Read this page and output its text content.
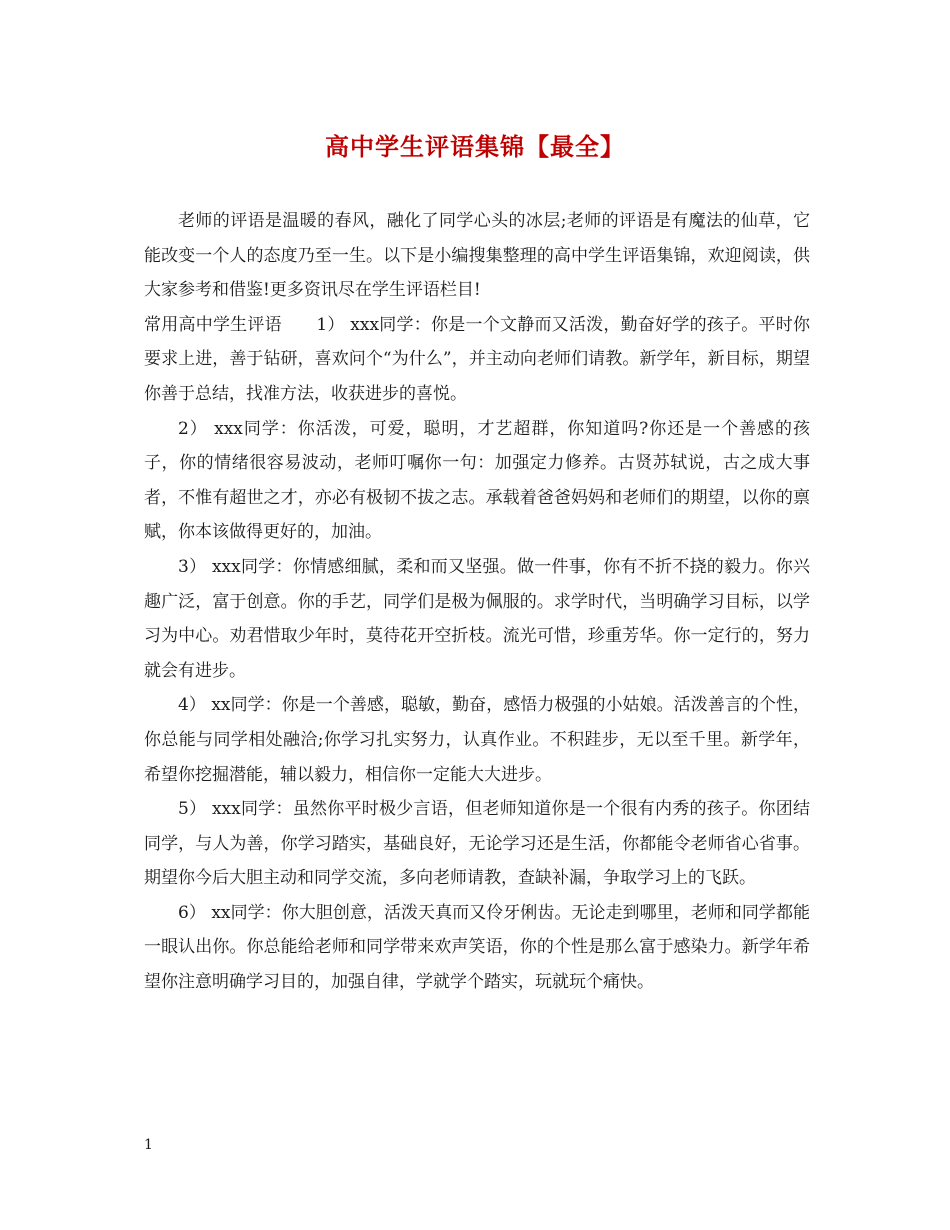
高中学生评语集锦【最全】

老师的评语是温暖的春风，融化了同学心头的冰层;老师的评语是有魔法的仙草，它能改变一个人的态度乃至一生。以下是小编搜集整理的高中学生评语集锦，欢迎阅读，供大家参考和借鉴!更多资讯尽在学生评语栏目!

常用高中学生评语　　1） xxx同学：你是一个文静而又活泼，勤奋好学的孩子。平时你要求上进，善于钻研，喜欢问个“为什么”，并主动向老师们请教。新学年，新目标，期望你善于总结，找准方法，收获进步的喜悦。

2） xxx同学：你活泼，可爱，聪明，才艺超群，你知道吗?你还是一个善感的孩子，你的情绪很容易波动，老师叮嘱你一句：加强定力修养。古贤苏轼说，古之成大事者，不惟有超世之才，亦必有极韧不拔之志。承载着爸爸妈妈和老师们的期望，以你的禀赋，你本该做得更好的，加油。

3） xxx同学：你情感细腻，柔和而又坚强。做一件事，你有不折不挠的毅力。你兴趣广泛，富于创意。你的手艺，同学们是极为佩服的。求学时代，当明确学习目标，以学习为中心。劝君惜取少年时，莫待花开空折枝。流光可惜，珍重芳华。你一定行的，努力就会有进步。

4） xx同学：你是一个善感，聪敏，勤奋，感悟力极强的小姑娘。活泼善言的个性，你总能与同学相处融洽;你学习扎实努力，认真作业。不积跬步，无以至千里。新学年，希望你挖掘潜能，辅以毅力，相信你一定能大大进步。

5） xxx同学：虽然你平时极少言语，但老师知道你是一个很有内秀的孩子。你团结同学，与人为善，你学习踏实，基础良好，无论学习还是生活，你都能令老师省心省事。期望你今后大胆主动和同学交流，多向老师请教，查缺补漏，争取学习上的飞跃。

6） xx同学：你大胆创意，活泼天真而又伶牙俐齿。无论走到哪里，老师和同学都能一眼认出你。你总能给老师和同学带来欢声笑语，你的个性是那么富于感染力。新学年希望你注意明确学习目的，加强自律，学就学个踏实，玩就玩个痛快。

1
